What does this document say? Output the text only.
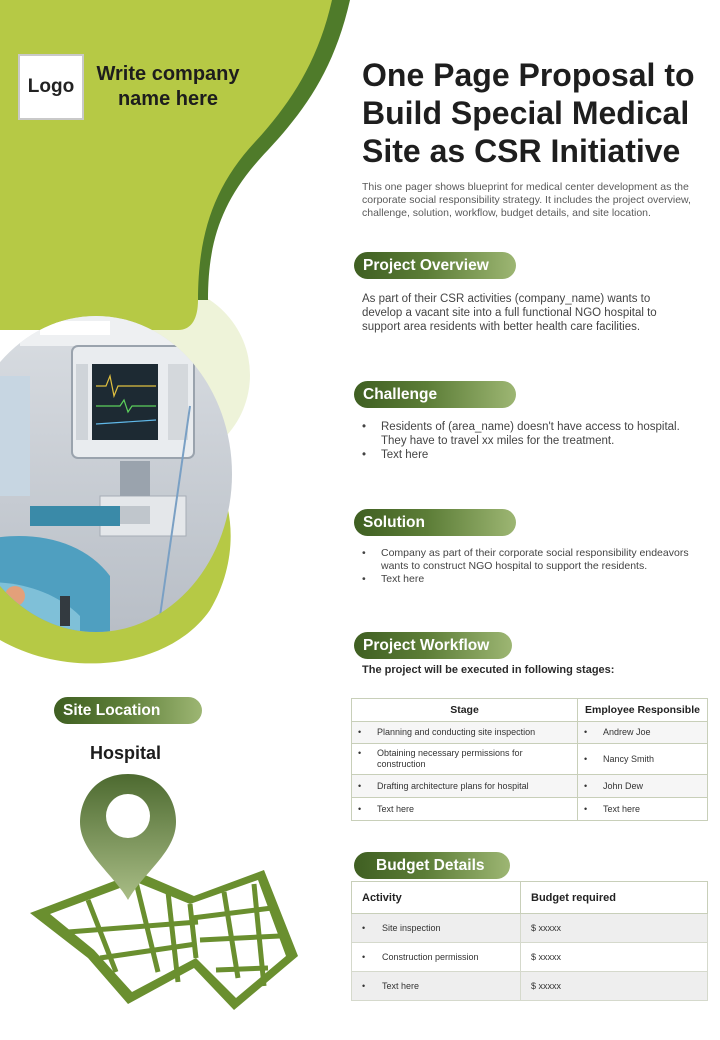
Logo
Write company name here
One Page Proposal to Build Special Medical Site as CSR Initiative

This one pager shows blueprint for medical center development as the corporate social responsibility strategy. It includes the project overview, challenge, solution, workflow, budget details, and site location.

Project Overview

As part of their CSR activities (company_name) wants to develop a vacant site into a full functional NGO hospital to support area residents with better health care facilities.

Challenge
• Residents of (area_name) doesn't have access to hospital. They have to travel xx miles for the treatment.
• Text here
Solution
• Company as part of their corporate social responsibility endeavors wants to construct NGO hospital to support the residents.
• Text here
Project Workflow
The project will be executed in following stages:
Stage	Employee Responsible

• Planning and conducting site inspection	• Andrew Joe

• Obtaining necessary permissions for construction	• Nancy Smith

• Drafting architecture plans for hospital	• John Dew

• Text here	• Text here
Budget Details
Activity	Budget required

• Site inspection	$ xxxxx

• Construction permission	$ xxxxx

• Text here	$ xxxxx
Site Location
Hospital
